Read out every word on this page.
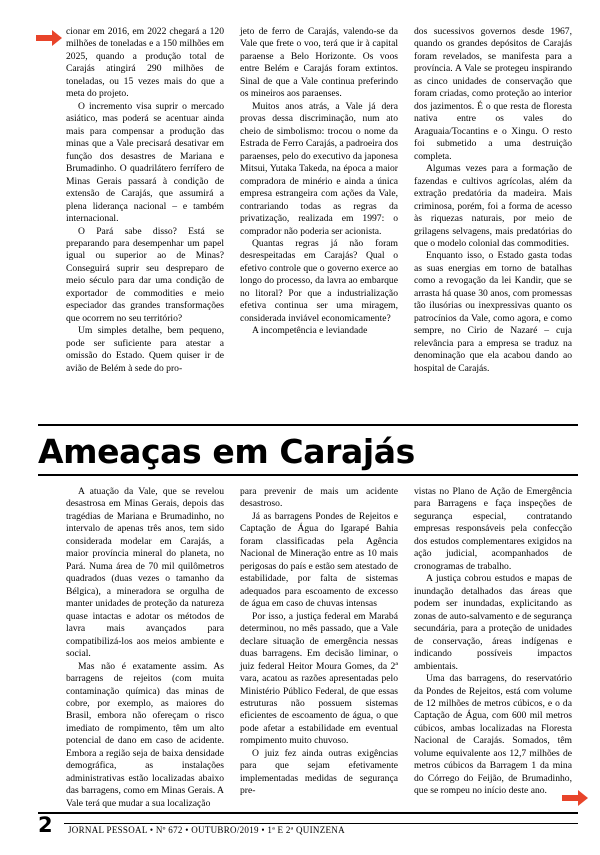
cionar em 2016, em 2022 chegará a 120 milhões de toneladas e a 150 milhões em 2025, quando a produção total de Carajás atingirá 290 milhões de toneladas, ou 15 vezes mais do que a meta do projeto.

O incremento visa suprir o mercado asiático, mas poderá se acentuar ainda mais para compensar a produção das minas que a Vale precisará desativar em função dos desastres de Mariana e Brumadinho. O quadrilátero ferrífero de Minas Gerais passará à condição de extensão de Carajás, que assumirá a plena liderança nacional – e também internacional.

O Pará sabe disso? Está se preparando para desempenhar um papel igual ou superior ao de Minas? Conseguirá suprir seu despreparo de meio século para dar uma condição de exportador de commodities e meio especiador das grandes transformações que ocorrem no seu território?

Um simples detalhe, bem pequeno, pode ser suficiente para atestar a omissão do Estado. Quem quiser ir de avião de Belém à sede do pro-

jeto de ferro de Carajás, valendo-se da Vale que frete o voo, terá que ir à capital paraense a Belo Horizonte. Os voos entre Belém e Carajás foram extintos. Sinal de que a Vale continua preferindo os mineiros aos paraenses.

Muitos anos atrás, a Vale já dera provas dessa discriminação, num ato cheio de simbolismo: trocou o nome da Estrada de Ferro Carajás, a padroeira dos paraenses, pelo do executivo da japonesa Mitsui, Yutaka Takeda, na época a maior compradora de minério e ainda a única empresa estrangeira com ações da Vale, contrariando todas as regras da privatização, realizada em 1997: o comprador não poderia ser acionista.

Quantas regras já não foram desrespeitadas em Carajás? Qual o efetivo controle que o governo exerce ao longo do processo, da lavra ao embarque no litoral? Por que a industrialização efetiva continua ser uma miragem, considerada inviável economicamente?

A incompetência e leviandade

dos sucessivos governos desde 1967, quando os grandes depósitos de Carajás foram revelados, se manifesta para a província. A Vale se protegeu inspirando as cinco unidades de conservação que foram criadas, como proteção ao interior dos jazimentos. É o que resta de floresta nativa entre os vales do Araguaia/Tocantins e o Xingu. O resto foi submetido a uma destruição completa.

Algumas vezes para a formação de fazendas e cultivos agrícolas, além da extração predatória da madeira. Mais criminosa, porém, foi a forma de acesso às riquezas naturais, por meio de grilagens selvagens, mais predatórias do que o modelo colonial das commodities.

Enquanto isso, o Estado gasta todas as suas energias em torno de batalhas como a revogação da lei Kandir, que se arrasta há quase 30 anos, com promessas tão ilusórias ou inexpressivas quanto os patrocínios da Vale, como agora, e como sempre, no Cirio de Nazaré – cuja relevância para a empresa se traduz na denominação que ela acabou dando ao hospital de Carajás.

Ameaças em Carajás

A atuação da Vale, que se revelou desastrosa em Minas Gerais, depois das tragédias de Mariana e Brumadinho, no intervalo de apenas três anos, tem sido considerada modelar em Carajás, a maior província mineral do planeta, no Pará. Numa área de 70 mil quilômetros quadrados (duas vezes o tamanho da Bélgica), a mineradora se orgulha de manter unidades de proteção da natureza quase intactas e adotar os métodos de lavra mais avançados para compatibilizá-los aos meios ambiente e social.

Mas não é exatamente assim. As barragens de rejeitos (com muita contaminação química) das minas de cobre, por exemplo, as maiores do Brasil, embora não ofereçam o risco imediato de rompimento, têm um alto potencial de dano em caso de acidente. Embora a região seja de baixa densidade demográfica, as instalações administrativas estão localizadas abaixo das barragens, como em Minas Gerais. A Vale terá que mudar a sua localização

para prevenir de mais um acidente desastroso.

Já as barragens Pondes de Rejeitos e Captação de Água do Igarapé Bahia foram classificadas pela Agência Nacional de Mineração entre as 10 mais perigosas do país e estão sem atestado de estabilidade, por falta de sistemas adequados para escoamento de excesso de água em caso de chuvas intensas

Por isso, a justiça federal em Marabá determinou, no mês passado, que a Vale declare situação de emergência nessas duas barragens. Em decisão liminar, o juiz federal Heitor Moura Gomes, da 2ª vara, acatou as razões apresentadas pelo Ministério Público Federal, de que essas estruturas não possuem sistemas eficientes de escoamento de água, o que pode afetar a estabilidade em eventual rompimento muito chuvoso.

O juiz fez ainda outras exigências para que sejam efetivamente implementadas medidas de segurança pre-

vistas no Plano de Ação de Emergência para Barragens e faça inspeções de segurança especial, contratando empresas responsáveis pela confecção dos estudos complementares exigidos na ação judicial, acompanhados de cronogramas de trabalho.

A justiça cobrou estudos e mapas de inundação detalhados das áreas que podem ser inundadas, explicitando as zonas de auto-salvamento e de segurança secundária, para a proteção de unidades de conservação, áreas indígenas e indicando possíveis impactos ambientais.

Uma das barragens, do reservatório da Pondes de Rejeitos, está com volume de 12 milhões de metros cúbicos, e o da Captação de Água, com 600 mil metros cúbicos, ambas localizadas na Floresta Nacional de Carajás. Somados, têm volume equivalente aos 12,7 milhões de metros cúbicos da Barragem 1 da mina do Córrego do Feijão, de Brumadinho, que se rompeu no início deste ano.

2 JORNAL PESSOAL • Nº 672 • OUTUBRO/2019 • 1ª E 2ª QUINZENA
